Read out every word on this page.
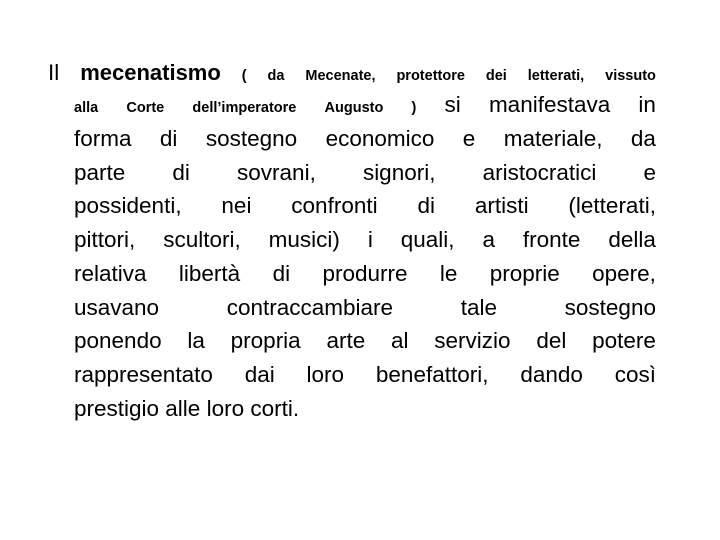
Il mecenatismo ( da Mecenate, protettore dei letterati, vissuto
alla Corte dell’imperatore Augusto ) si manifestava in
forma di sostegno economico e materiale, da
parte di sovrani, signori, aristocratici e
possidenti, nei confronti di artisti (letterati,
pittori, scultori, musici) i quali, a fronte della
relativa libertà di produrre le proprie opere,
usavano	contraccambiare	tale	sostegno
ponendo la propria arte al servizio del potere
rappresentato dai loro benefattori, dando così
prestigio alle loro corti.
